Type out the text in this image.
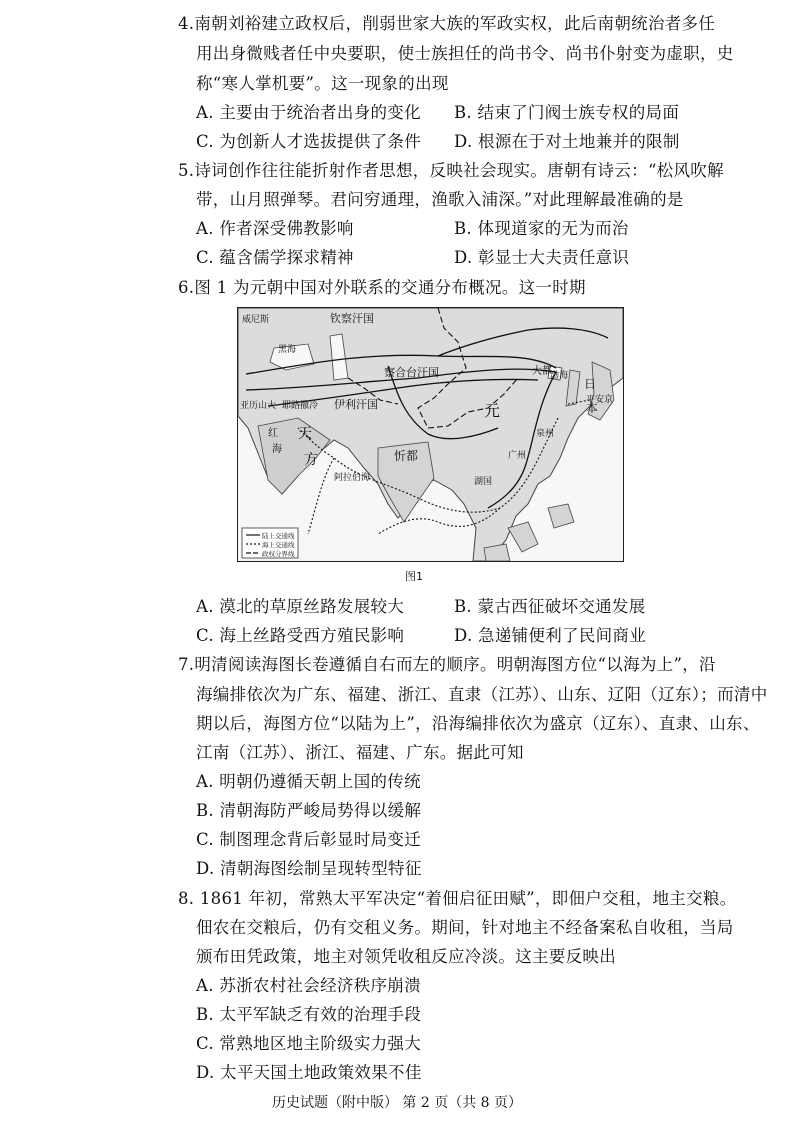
4.南朝刘裕建立政权后，削弱世家大族的军政实权，此后南朝统治者多任
用出身微贱者任中央要职，使士族担任的尚书令、尚书仆射变为虚职，史
称“寒人掌机要”。这一现象的出现
A. 主要由于统治者出身的变化 B. 结束了门阀士族专权的局面
C. 为创新人才选拔提供了条件 D. 根源在于对土地兼并的限制
5.诗词创作往往能折射作者思想，反映社会现实。唐朝有诗云：“松风吹解
带，山月照弹琴。君问穷通理，渔歌入浦深。”对此理解最准确的是
A. 作者深受佛教影响	B. 体现道家的无为而治
C. 蕴含儒学探求精神	D. 彰显士大夫责任意识
6.图 1 为元朝中国对外联系的交通分布概况。这一时期
威尼斯	钦察汗国
黑海
察合台汗国	大都
渤海
日
本
平安京
亚历山大 耶路撒冷 伊利汗国	元
天
方
红
海	忻都
泉州
广州
湖国
阿拉伯海
陆上交通线
海上交通线
政权分界线
图1
A. 漠北的草原丝路发展较大	B. 蒙古西征破坏交通发展
C. 海上丝路受西方殖民影响	D. 急递铺便利了民间商业
7.明清阅读海图长卷遵循自右而左的顺序。明朝海图方位“以海为上”，沿
海编排依次为广东、福建、浙江、直隶（江苏）、山东、辽阳（辽东）；而清中
期以后，海图方位“以陆为上”，沿海编排依次为盛京（辽东）、直隶、山东、
江南（江苏）、浙江、福建、广东。据此可知
A. 明朝仍遵循天朝上国的传统
B. 清朝海防严峻局势得以缓解
C. 制图理念背后彰显时局变迁
D. 清朝海图绘制呈现转型特征
8. 1861 年初，常熟太平军决定“着佃启征田赋”，即佃户交租，地主交粮。
佃农在交粮后，仍有交租义务。期间，针对地主不经备案私自收租，当局
颁布田凭政策，地主对领凭收租反应冷淡。这主要反映出
A. 苏浙农村社会经济秩序崩溃
B. 太平军缺乏有效的治理手段
C. 常熟地区地主阶级实力强大
D. 太平天国土地政策效果不佳
历史试题（附中版） 第 2 页（共 8 页）
